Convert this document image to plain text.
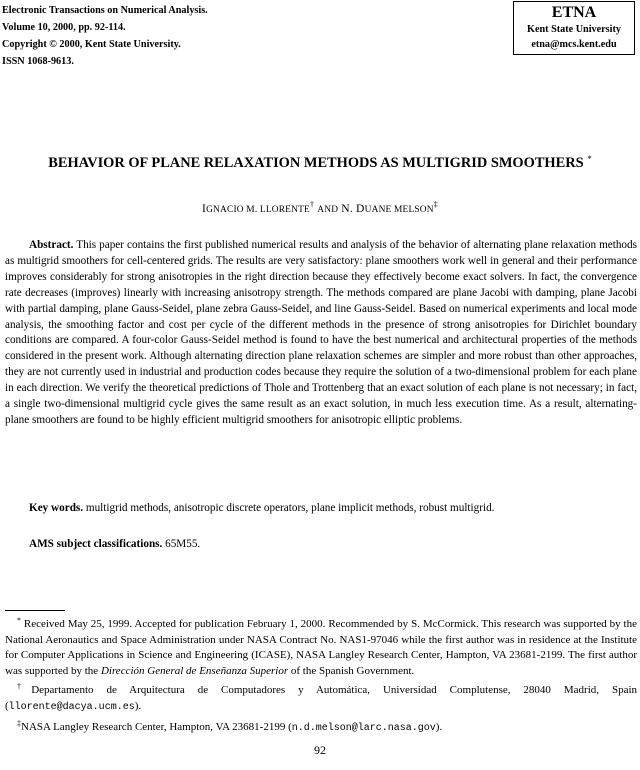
Electronic Transactions on Numerical Analysis.
Volume 10, 2000, pp. 92-114.
Copyright © 2000, Kent State University.
ISSN 1068-9613.
ETNA
Kent State University
etna@mcs.kent.edu
BEHAVIOR OF PLANE RELAXATION METHODS AS MULTIGRID SMOOTHERS *
IGNACIO M. LLORENTE† AND N. DUANE MELSON‡

Abstract. This paper contains the first published numerical results and analysis of the behavior of alternating plane relaxation methods as multigrid smoothers for cell-centered grids. The results are very satisfactory: plane smoothers work well in general and their performance improves considerably for strong anisotropies in the right direction because they effectively become exact solvers. In fact, the convergence rate decreases (improves) linearly with increasing anisotropy strength. The methods compared are plane Jacobi with damping, plane Jacobi with partial damping, plane Gauss-Seidel, plane zebra Gauss-Seidel, and line Gauss-Seidel. Based on numerical experiments and local mode analysis, the smoothing factor and cost per cycle of the different methods in the presence of strong anisotropies for Dirichlet boundary conditions are compared. A four-color Gauss-Seidel method is found to have the best numerical and architectural properties of the methods considered in the present work. Although alternating direction plane relaxation schemes are simpler and more robust than other approaches, they are not currently used in industrial and production codes because they require the solution of a two-dimensional problem for each plane in each direction. We verify the theoretical predictions of Thole and Trottenberg that an exact solution of each plane is not necessary; in fact, a single two-dimensional multigrid cycle gives the same result as an exact solution, in much less execution time. As a result, alternating-plane smoothers are found to be highly efficient multigrid smoothers for anisotropic elliptic problems.

Key words. multigrid methods, anisotropic discrete operators, plane implicit methods, robust multigrid.

AMS subject classifications. 65M55.

* Received May 25, 1999. Accepted for publication February 1, 2000. Recommended by S. McCormick. This research was supported by the National Aeronautics and Space Administration under NASA Contract No. NAS1-97046 while the first author was in residence at the Institute for Computer Applications in Science and Engineering (ICASE), NASA Langley Research Center, Hampton, VA 23681-2199. The first author was supported by the Dirección General de Enseñanza Superior of the Spanish Government.

†Departamento de Arquitectura de Computadores y Automática, Universidad Complutense, 28040 Madrid, Spain (llorente@dacya.ucm.es).

‡NASA Langley Research Center, Hampton, VA 23681-2199 (n.d.melson@larc.nasa.gov).

92
